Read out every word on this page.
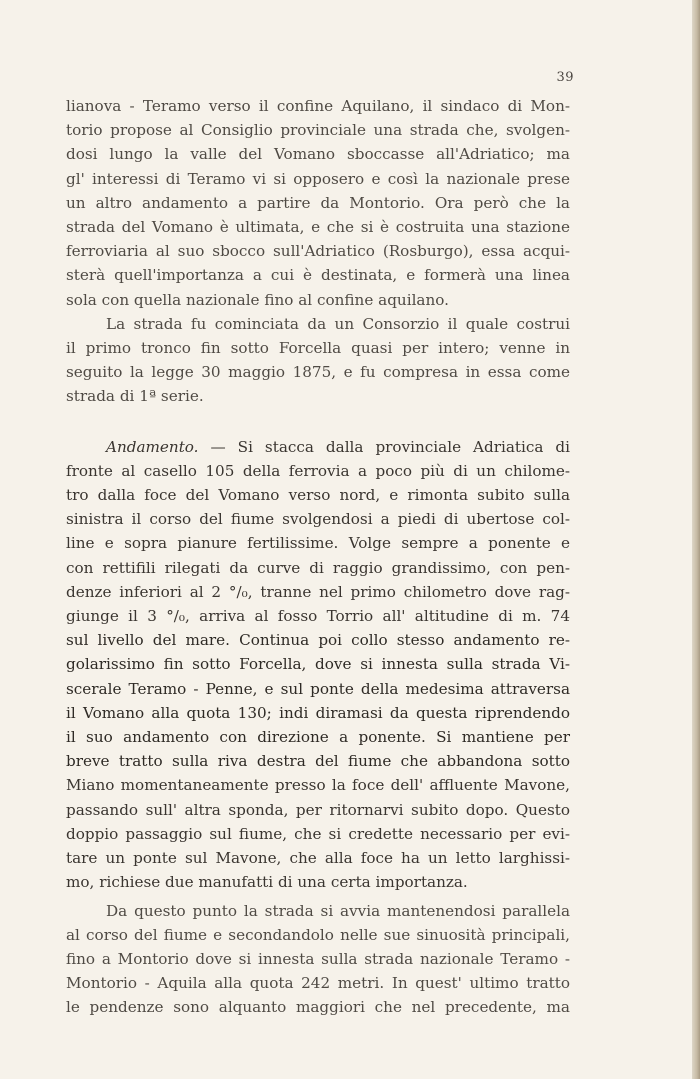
39
lianova - Teramo verso il confine Aquilano, il sindaco di Mon-
torio propose al Consiglio provinciale una strada che, svolgen-
dosi lungo la valle del Vomano sboccasse all'Adriatico; ma
gl' interessi di Teramo vi si opposero e così la nazionale prese
un altro andamento a partire da Montorio. Ora però che la
strada del Vomano è ultimata, e che si è costruita una stazione
ferroviaria al suo sbocco sull'Adriatico (Rosburgo), essa acqui-
sterà quell'importanza a cui è destinata, e formerà una linea
sola con quella nazionale fino al confine aquilano.
La strada fu cominciata da un Consorzio il quale costrui
il primo tronco fin sotto Forcella quasi per intero; venne in
seguito la legge 30 maggio 1875, e fu compresa in essa come
strada di 1ª serie.
Andamento. — Si stacca dalla provinciale Adriatica di
fronte al casello 105 della ferrovia a poco più di un chilome-
tro dalla foce del Vomano verso nord, e rimonta subito sulla
sinistra il corso del fiume svolgendosi a piedi di ubertose col-
line e sopra pianure fertilissime. Volge sempre a ponente e
con rettifili rilegati da curve di raggio grandissimo, con pen-
denze inferiori al 2 °/₀, tranne nel primo chilometro dove rag-
giunge il 3 °/₀, arriva al fosso Torrio all' altitudine di m. 74
sul livello del mare. Continua poi collo stesso andamento re-
golarissimo fin sotto Forcella, dove si innesta sulla strada Vi-
scerale Teramo - Penne, e sul ponte della medesima attraversa
il Vomano alla quota 130; indi diramasi da questa riprendendo
il suo andamento con direzione a ponente. Si mantiene per
breve tratto sulla riva destra del fiume che abbandona sotto
Miano momentaneamente presso la foce dell' affluente Mavone,
passando sull' altra sponda, per ritornarvi subito dopo. Questo
doppio passaggio sul fiume, che si credette necessario per evi-
tare un ponte sul Mavone, che alla foce ha un letto larghissi-
mo, richiese due manufatti di una certa importanza.
Da questo punto la strada si avvia mantenendosi parallela
al corso del fiume e secondandolo nelle sue sinuosità principali,
fino a Montorio dove si innesta sulla strada nazionale Teramo -
Montorio - Aquila alla quota 242 metri. In quest' ultimo tratto
le pendenze sono alquanto maggiori che nel precedente, ma
